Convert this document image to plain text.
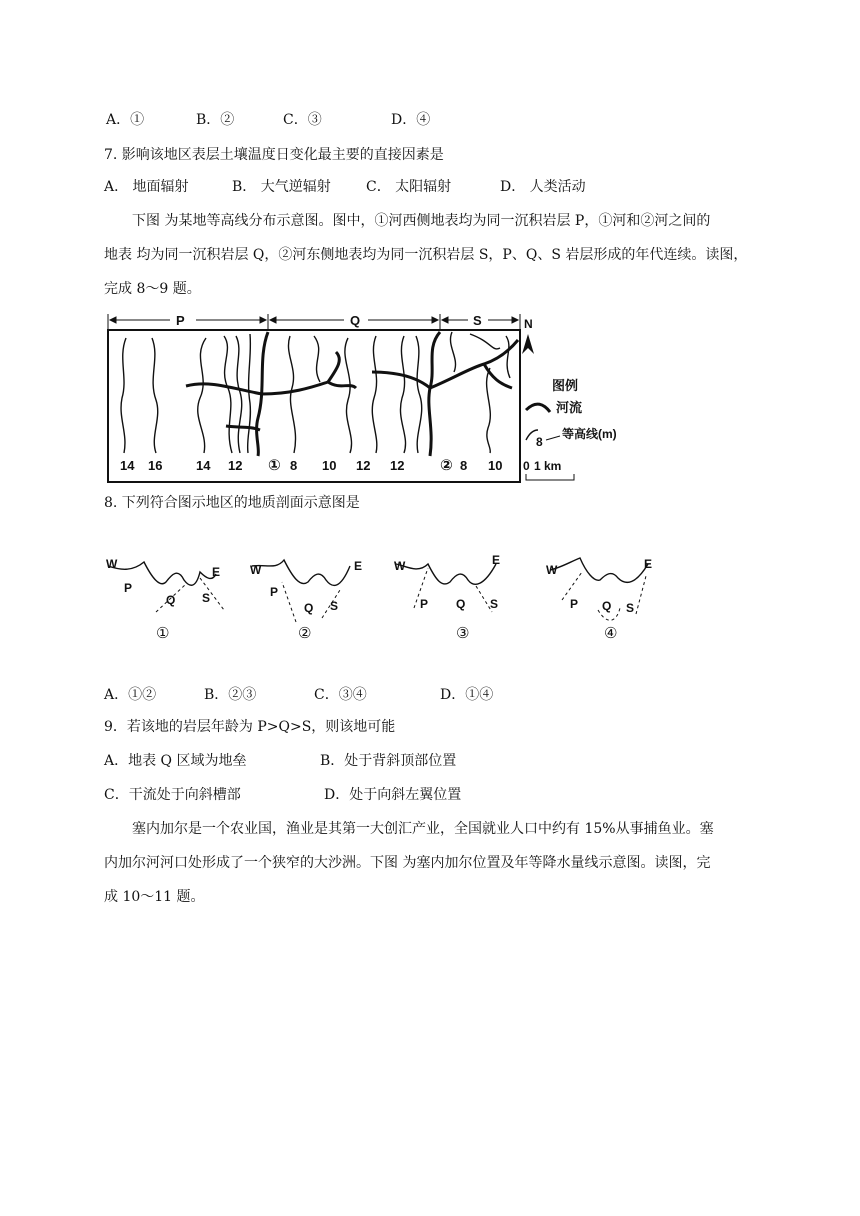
A．①	B．②	C．③	D．④
7. 影响该地区表层土壤温度日变化最主要的直接因素是
A． 地面辐射	B． 大气逆辐射	C． 太阳辐射	D． 人类活动
下图 为某地等高线分布示意图。图中，①河西侧地表均为同一沉积岩层 P，①河和②河之间的
地表 均为同一沉积岩层 Q，②河东侧地表均为同一沉积岩层 S，P、Q、S 岩层形成的年代连续。读图，
完成 8～9 题。
P	Q	S
14 16	14 12 ① 8 10 12 12 ② 8 10
N
图例
河流
8
等高线(m)
0 1 km
8. 下列符合图示地区的地质剖面示意图是
W
E
P
Q S
①
W	E
P
Q S
②
W	E
P Q S
③
W	E
P Q S
④
A．①②	B．②③	C．③④	D．①④
9．若该地的岩层年龄为 P>Q>S，则该地可能
A．地表 Q 区域为地垒	B．处于背斜顶部位置
C．干流处于向斜槽部	D．处于向斜左翼位置
塞内加尔是一个农业国，渔业是其第一大创汇产业，全国就业人口中约有 15%从事捕鱼业。塞
内加尔河河口处形成了一个狭窄的大沙洲。下图 为塞内加尔位置及年等降水量线示意图。读图，完
成 10～11 题。
